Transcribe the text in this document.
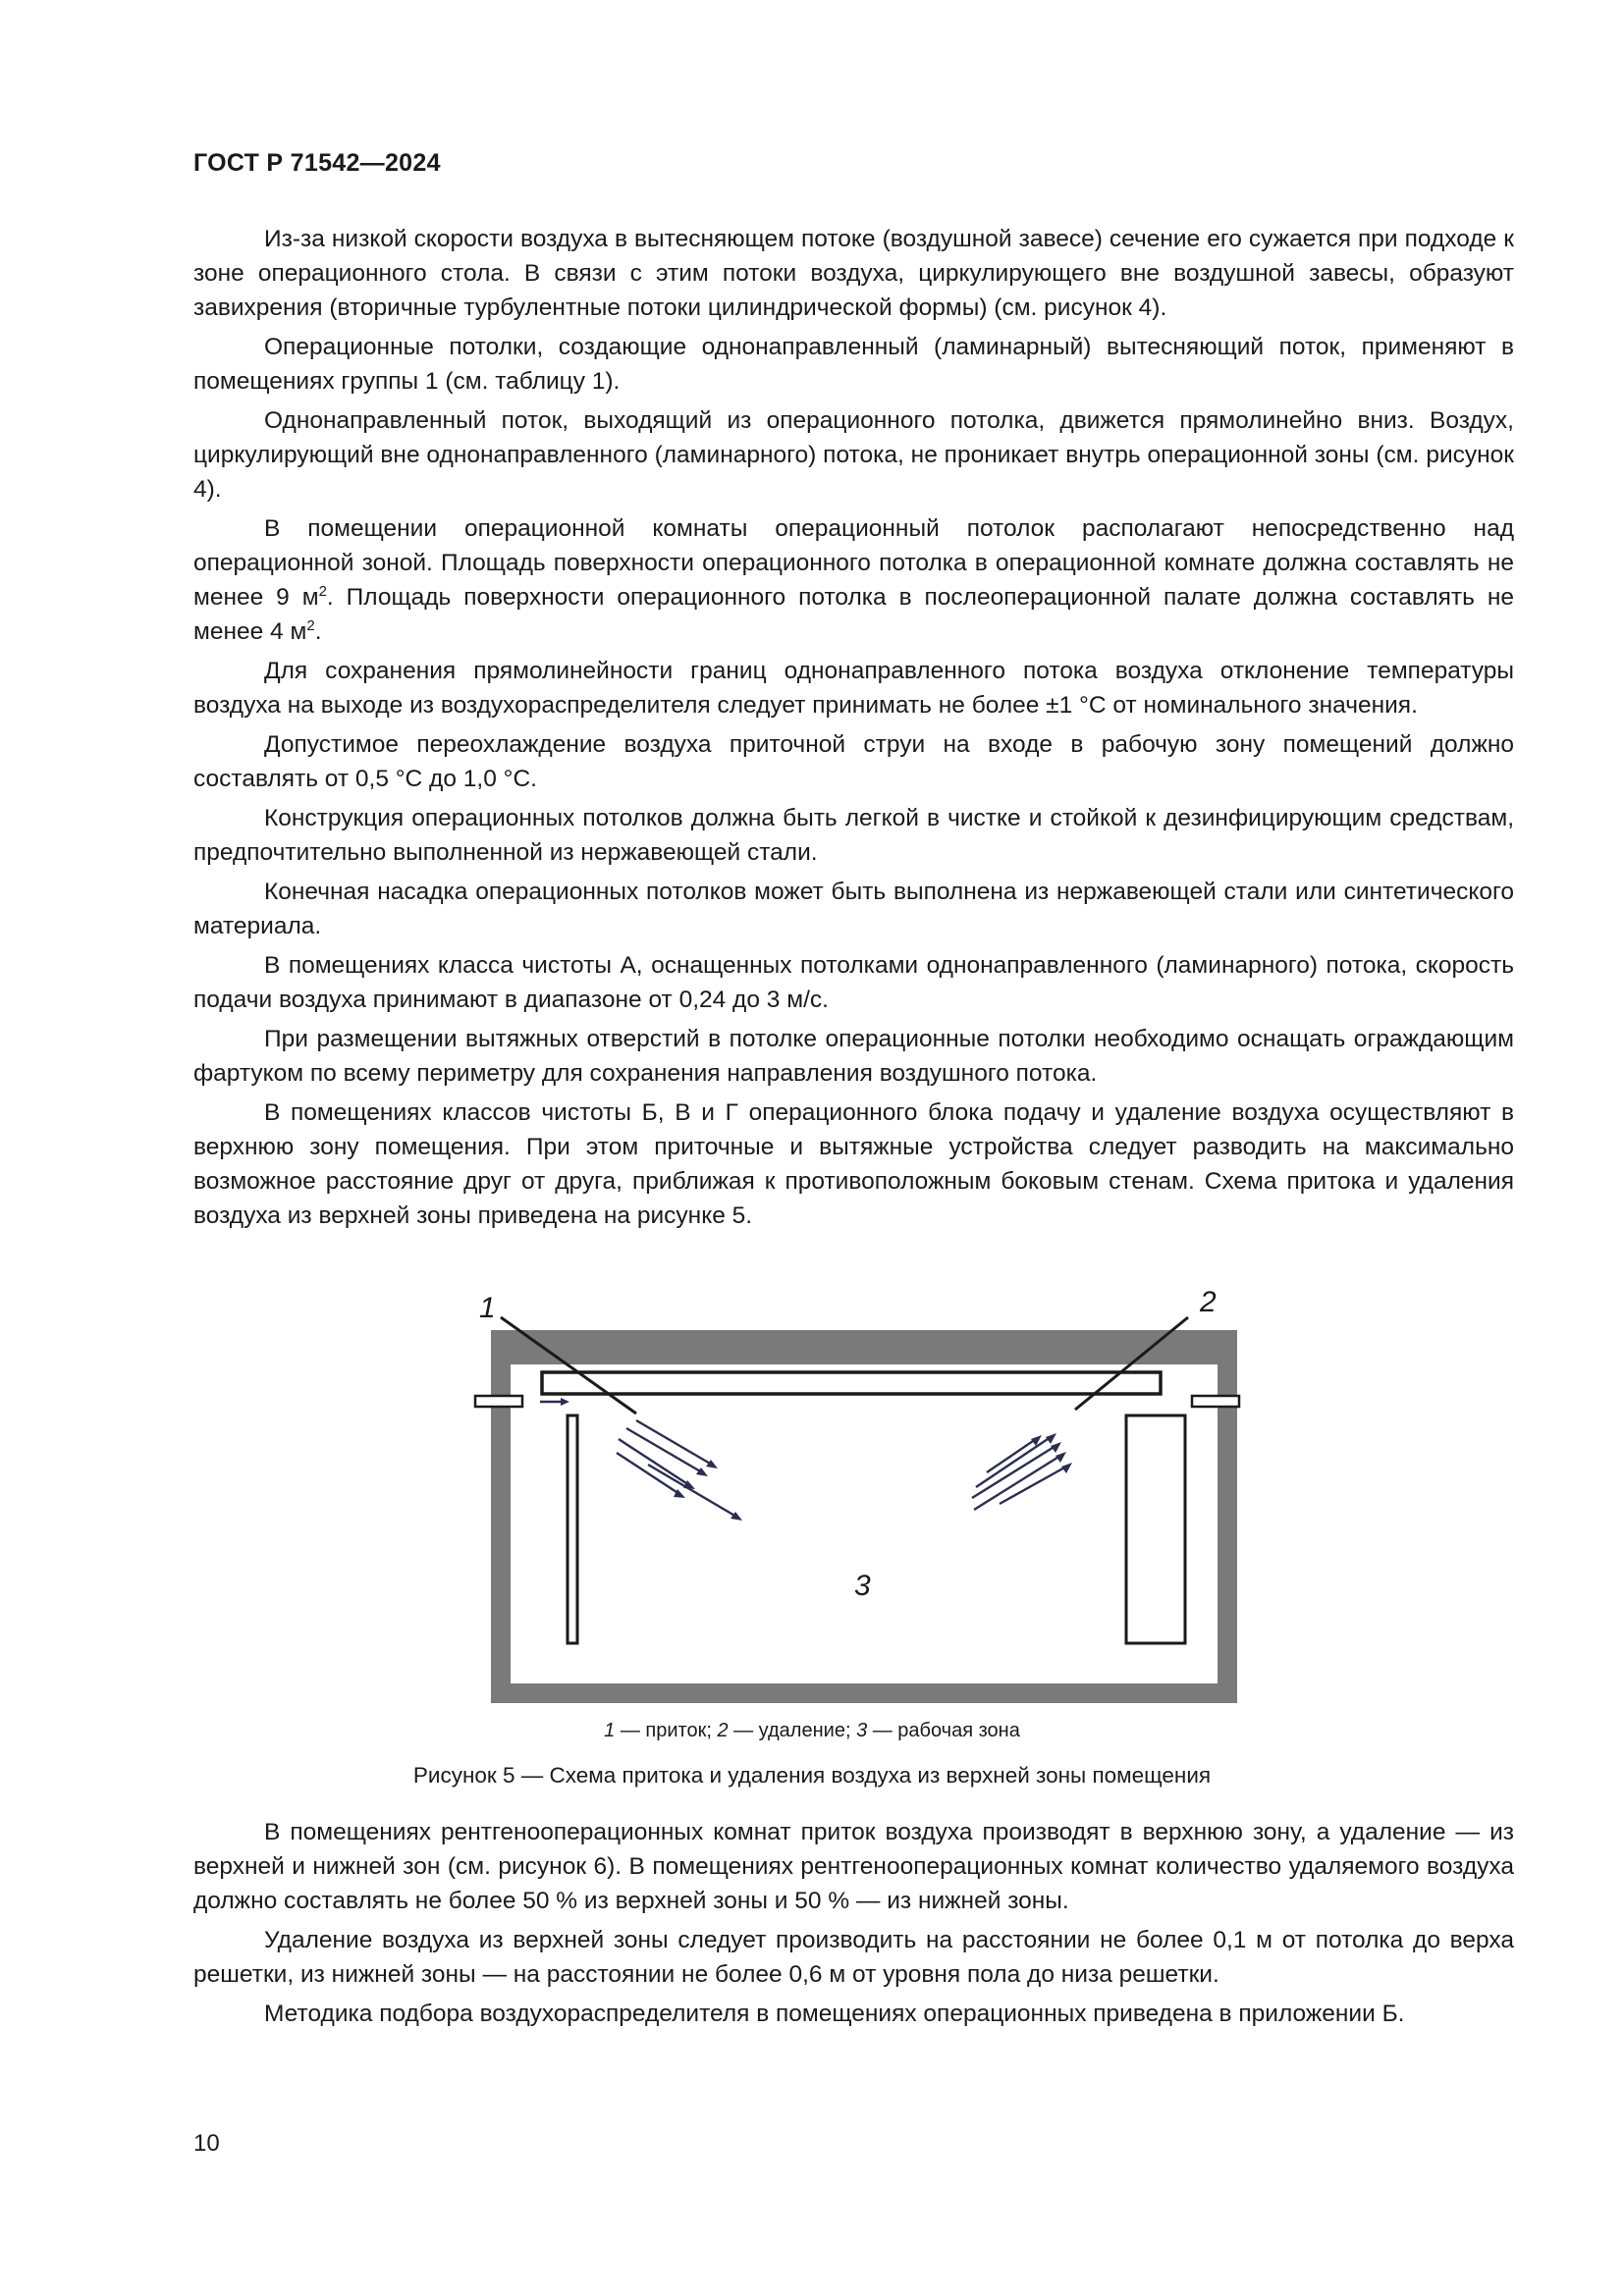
ГОСТ Р 71542—2024

Из-за низкой скорости воздуха в вытесняющем потоке (воздушной завесе) сечение его сужается при подходе к зоне операционного стола. В связи с этим потоки воздуха, циркулирующего вне воздушной завесы, образуют завихрения (вторичные турбулентные потоки цилиндрической формы) (см. рисунок 4).

Операционные потолки, создающие однонаправленный (ламинарный) вытесняющий поток, применяют в помещениях группы 1 (см. таблицу 1).

Однонаправленный поток, выходящий из операционного потолка, движется прямолинейно вниз. Воздух, циркулирующий вне однонаправленного (ламинарного) потока, не проникает внутрь операционной зоны (см. рисунок 4).

В помещении операционной комнаты операционный потолок располагают непосредственно над операционной зоной. Площадь поверхности операционного потолка в операционной комнате должна составлять не менее 9 $м^2$. Площадь поверхности операционного потолка в послеоперационной палате должна составлять не менее 4 $м^2$.

Для сохранения прямолинейности границ однонаправленного потока воздуха отклонение температуры воздуха на выходе из воздухораспределителя следует принимать не более ±1 °С от номинального значения.

Допустимое переохлаждение воздуха приточной струи на входе в рабочую зону помещений должно составлять от 0,5 °С до 1,0 °С.

Конструкция операционных потолков должна быть легкой в чистке и стойкой к дезинфицирующим средствам, предпочтительно выполненной из нержавеющей стали.

Конечная насадка операционных потолков может быть выполнена из нержавеющей стали или синтетического материала.

В помещениях класса чистоты А, оснащенных потолками однонаправленного (ламинарного) потока, скорость подачи воздуха принимают в диапазоне от 0,24 до 3 м/с.

При размещении вытяжных отверстий в потолке операционные потолки необходимо оснащать ограждающим фартуком по всему периметру для сохранения направления воздушного потока.

В помещениях классов чистоты Б, В и Г операционного блока подачу и удаление воздуха осуществляют в верхнюю зону помещения. При этом приточные и вытяжные устройства следует разводить на максимально возможное расстояние друг от друга, приближая к противоположным боковым стенам. Схема притока и удаления воздуха из верхней зоны приведена на рисунке 5.

1	2
3
1 — приток; 2 — удаление; 3 — рабочая зона
Рисунок 5 — Схема притока и удаления воздуха из верхней зоны помещения

В помещениях рентгенооперационных комнат приток воздуха производят в верхнюю зону, а удаление — из верхней и нижней зон (см. рисунок 6). В помещениях рентгенооперационных комнат количество удаляемого воздуха должно составлять не более 50 % из верхней зоны и 50 % — из нижней зоны.

Удаление воздуха из верхней зоны следует производить на расстоянии не более 0,1 м от потолка до верха решетки, из нижней зоны — на расстоянии не более 0,6 м от уровня пола до низа решетки.

Методика подбора воздухораспределителя в помещениях операционных приведена в приложении Б.

10
